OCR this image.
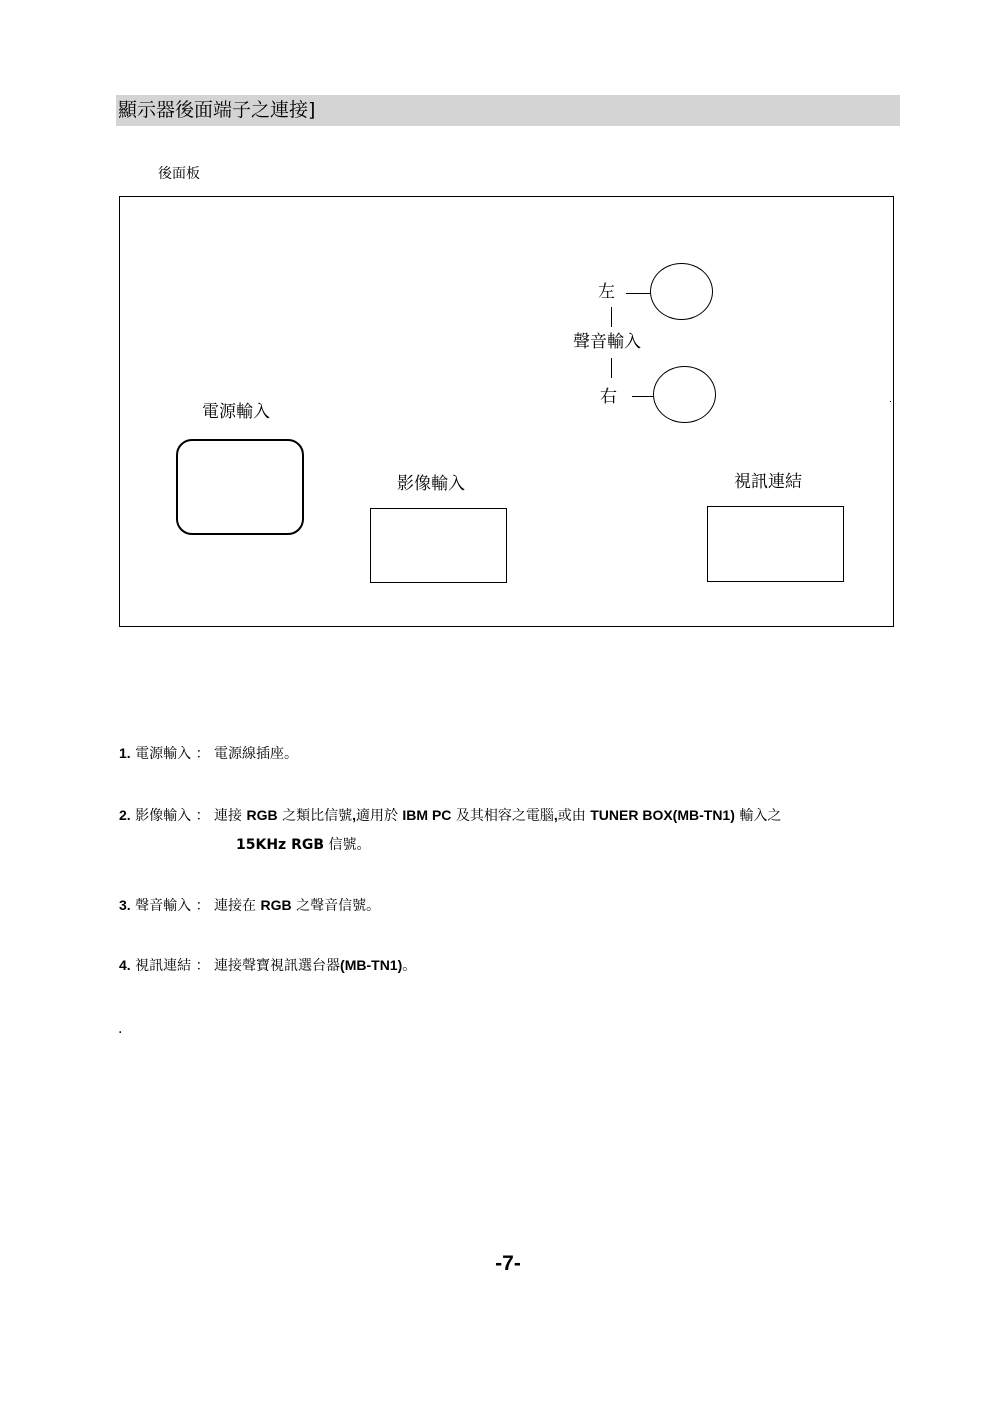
顯示器後面端子之連接]
後面板
左
聲音輸入
右
電源輸入
影像輸入	視訊連結
1. 電源輸入 ： 電源線插座。
2. 影像輸入 ： 連接 RGB 之類比信號,適用於 IBM PC 及其相容之電腦,或由 TUNER BOX(MB-TN1) 輸入之
15KHz RGB 信號。
3. 聲音輸入 ： 連接在 RGB 之聲音信號。
4. 視訊連結 ： 連接聲寶視訊選台器(MB-TN1)。
.
-7-
